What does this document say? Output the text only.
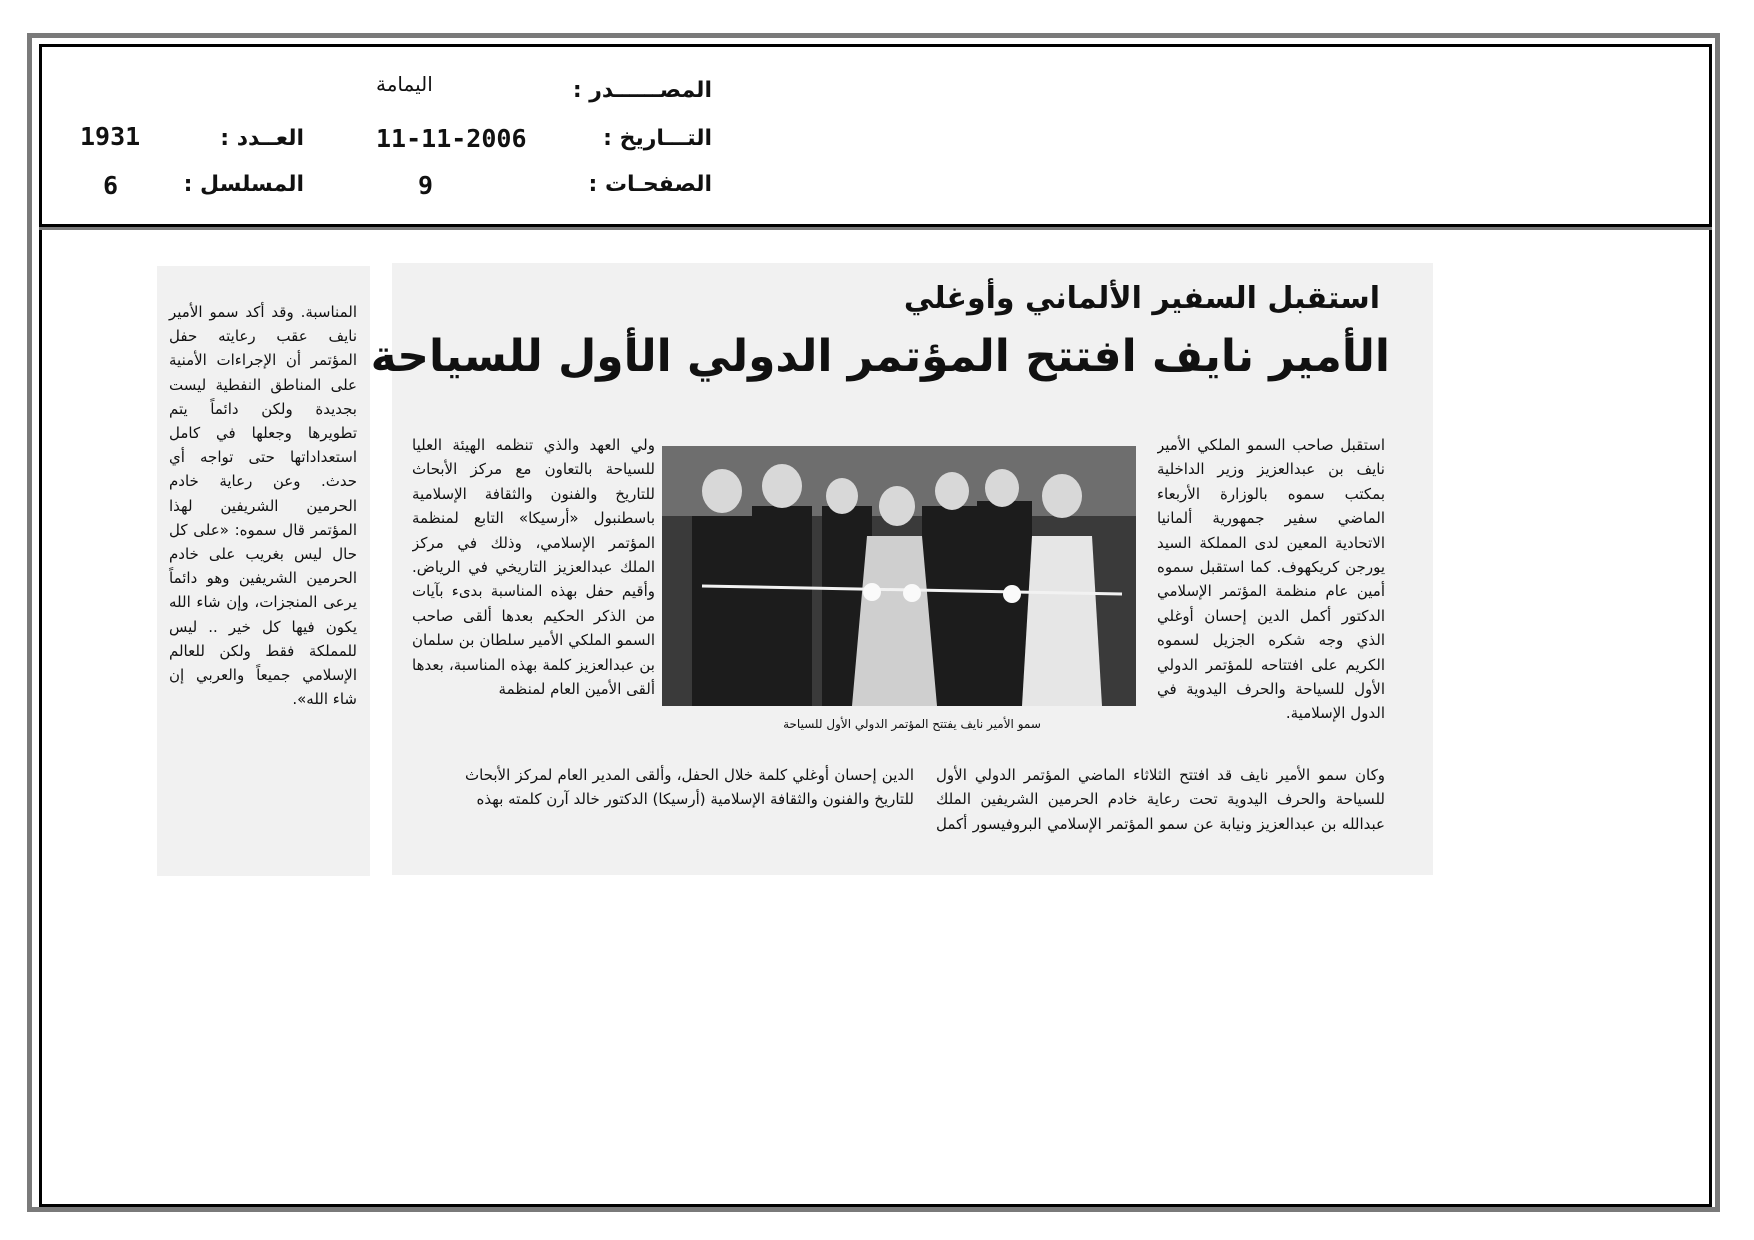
المصــــــدر :
اليمامة
التـــاريخ :
11-11-2006
الصفحـات :
9
العــدد :
1931
المسلسل :
6
استقبل السفير الألماني وأوغلي
الأمير نايف افتتح المؤتمر الدولي الأول للسياحة
استقبل صاحب السمو الملكي الأمير نايف بن عبدالعزيز وزير الداخلية بمكتب سموه بالوزارة الأربعاء الماضي سفير جمهورية ألمانيا الاتحادية المعين لدى المملكة السيد يورجن كريكهوف. كما استقبل سموه أمين عام منظمة المؤتمر الإسلامي الدكتور أكمل الدين إحسان أوغلي الذي وجه شكره الجزيل لسموه الكريم على افتتاحه للمؤتمر الدولي الأول للسياحة والحرف اليدوية في الدول الإسلامية.
ولي العهد والذي تنظمه الهيئة العليا للسياحة بالتعاون مع مركز الأبحاث للتاريخ والفنون والثقافة الإسلامية باسطنبول «أرسيكا» التابع لمنظمة المؤتمر الإسلامي، وذلك في مركز الملك عبدالعزيز التاريخي في الرياض. وأقيم حفل بهذه المناسبة بدىء بآيات من الذكر الحكيم بعدها ألقى صاحب السمو الملكي الأمير سلطان بن سلمان بن عبدالعزيز كلمة بهذه المناسبة، بعدها ألقى الأمين العام لمنظمة
سمو الأمير نايف يفتتح المؤتمر الدولي الأول للسياحة
وكان سمو الأمير نايف قد افتتح الثلاثاء الماضي المؤتمر الدولي الأول للسياحة والحرف اليدوية تحت رعاية خادم الحرمين الشريفين الملك عبدالله بن عبدالعزيز ونيابة عن سمو المؤتمر الإسلامي البروفيسور أكمل الدين إحسان أوغلي كلمة خلال الحفل، وألقى المدير العام لمركز الأبحاث للتاريخ والفنون والثقافة الإسلامية (أرسيكا) الدكتور خالد آرن كلمته بهذه
المناسبة. وقد أكد سمو الأمير نايف عقب رعايته حفل المؤتمر أن الإجراءات الأمنية على المناطق النفطية ليست بجديدة ولكن دائماً يتم تطويرها وجعلها في كامل استعداداتها حتى تواجه أي حدث. وعن رعاية خادم الحرمين الشريفين لهذا المؤتمر قال سموه: «على كل حال ليس بغريب على خادم الحرمين الشريفين وهو دائماً يرعى المنجزات، وإن شاء الله يكون فيها كل خير .. ليس للمملكة فقط ولكن للعالم الإسلامي جميعاً والعربي إن شاء الله».
